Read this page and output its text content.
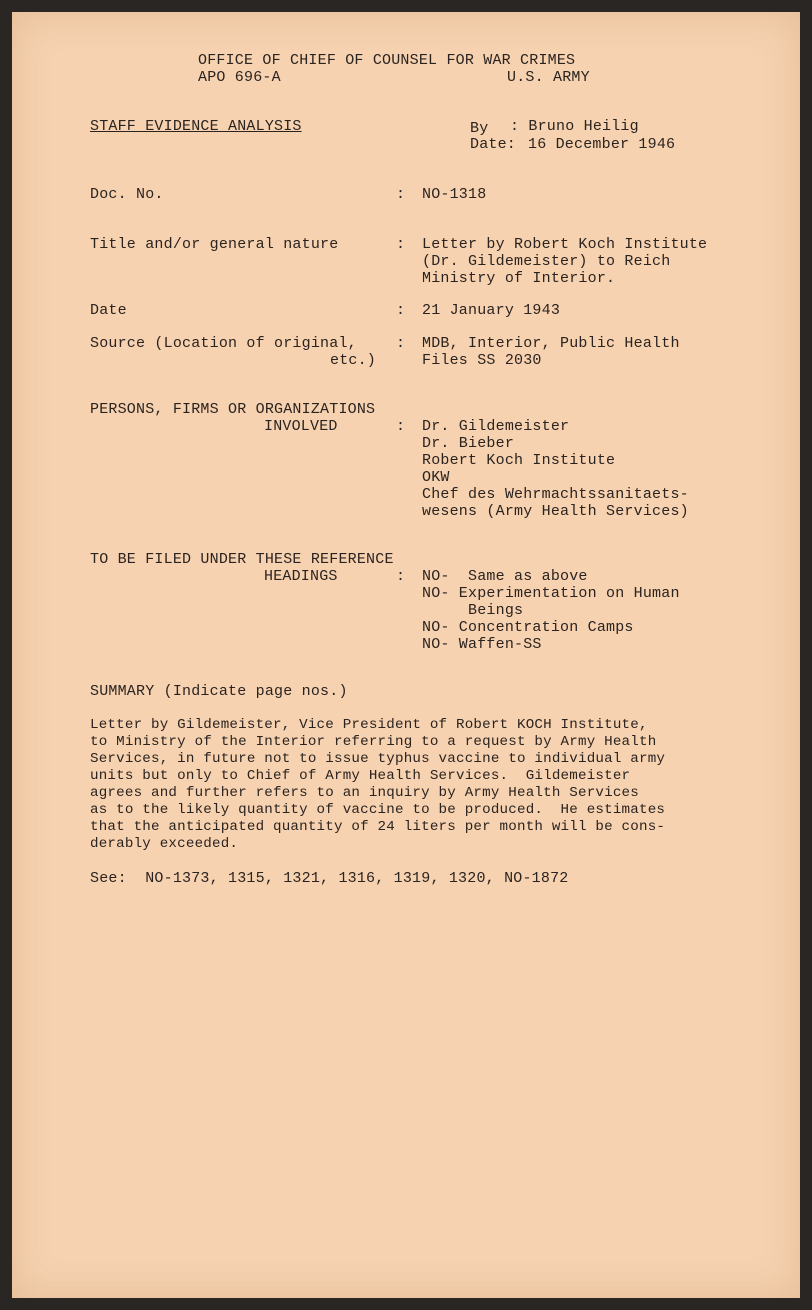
OFFICE OF CHIEF OF COUNSEL FOR WAR CRIMES
APO 696-A	U.S. ARMY
STAFF EVIDENCE ANALYSIS	By : Bruno Heilig
Date: 16 December 1946
Doc. No.	: NO-1318
Title and/or general nature	: Letter by Robert Koch Institute
(Dr. Gildemeister) to Reich
Ministry of Interior.
Date	: 21 January 1943
Source (Location of original,
etc.)
: MDB, Interior, Public Health
Files SS 2030
PERSONS, FIRMS OR ORGANIZATIONS
INVOLVED	: Dr. Gildemeister
Dr. Bieber
Robert Koch Institute
OKW
Chef des Wehrmachtssanitaets-
wesens (Army Health Services)
TO BE FILED UNDER THESE REFERENCE
HEADINGS	: NO-  Same as above
NO- Experimentation on Human
Beings
NO- Concentration Camps
NO- Waffen-SS
SUMMARY (Indicate page nos.)
Letter by Gildemeister, Vice President of Robert KOCH Institute,
to Ministry of the Interior referring to a request by Army Health
Services, in future not to issue typhus vaccine to individual army
units but only to Chief of Army Health Services.  Gildemeister
agrees and further refers to an inquiry by Army Health Services
as to the likely quantity of vaccine to be produced.  He estimates
that the anticipated quantity of 24 liters per month will be cons-
derably exceeded.
See:  NO-1373, 1315, 1321, 1316, 1319, 1320, NO-1872
